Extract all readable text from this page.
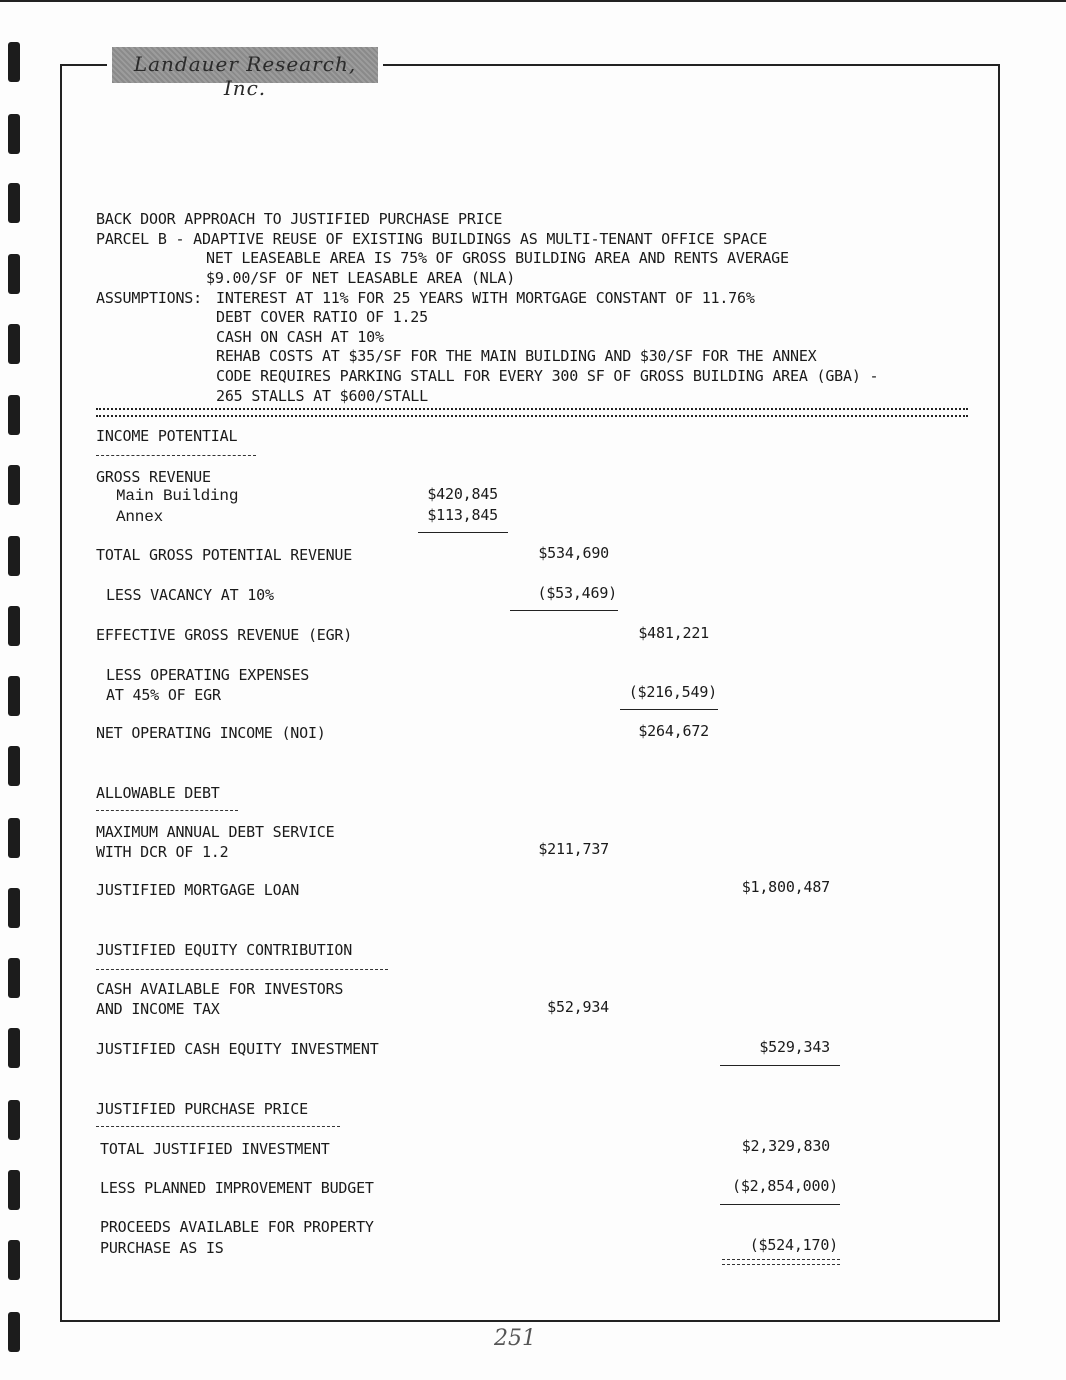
Landauer Research, Inc.
BACK DOOR APPROACH TO JUSTIFIED PURCHASE PRICE
PARCEL B - ADAPTIVE REUSE OF EXISTING BUILDINGS AS MULTI-TENANT OFFICE SPACE
NET LEASEABLE AREA IS 75% OF GROSS BUILDING AREA AND RENTS AVERAGE
$9.00/SF OF NET LEASABLE AREA (NLA)
ASSUMPTIONS: INTEREST AT 11% FOR 25 YEARS WITH MORTGAGE CONSTANT OF 11.76%
DEBT COVER RATIO OF 1.25
CASH ON CASH AT 10%
REHAB COSTS AT $35/SF FOR THE MAIN BUILDING AND $30/SF FOR THE ANNEX
CODE REQUIRES PARKING STALL FOR EVERY 300 SF OF GROSS BUILDING AREA (GBA) -
265 STALLS AT $600/STALL
INCOME POTENTIAL
GROSS REVENUE
Main Building	$420,845
Annex	$113,845
TOTAL GROSS POTENTIAL REVENUE	$534,690
LESS VACANCY AT 10%	($53,469)
EFFECTIVE GROSS REVENUE (EGR)	$481,221
LESS OPERATING EXPENSES
AT 45% OF EGR	($216,549)
NET OPERATING INCOME (NOI)	$264,672
ALLOWABLE DEBT
MAXIMUM ANNUAL DEBT SERVICE
WITH DCR OF 1.2	$211,737
JUSTIFIED MORTGAGE LOAN	$1,800,487
JUSTIFIED EQUITY CONTRIBUTION
CASH AVAILABLE FOR INVESTORS
AND INCOME TAX	$52,934
JUSTIFIED CASH EQUITY INVESTMENT	$529,343
JUSTIFIED PURCHASE PRICE
TOTAL JUSTIFIED INVESTMENT	$2,329,830
LESS PLANNED IMPROVEMENT BUDGET	($2,854,000)
PROCEEDS AVAILABLE FOR PROPERTY
PURCHASE AS IS	($524,170)
251
